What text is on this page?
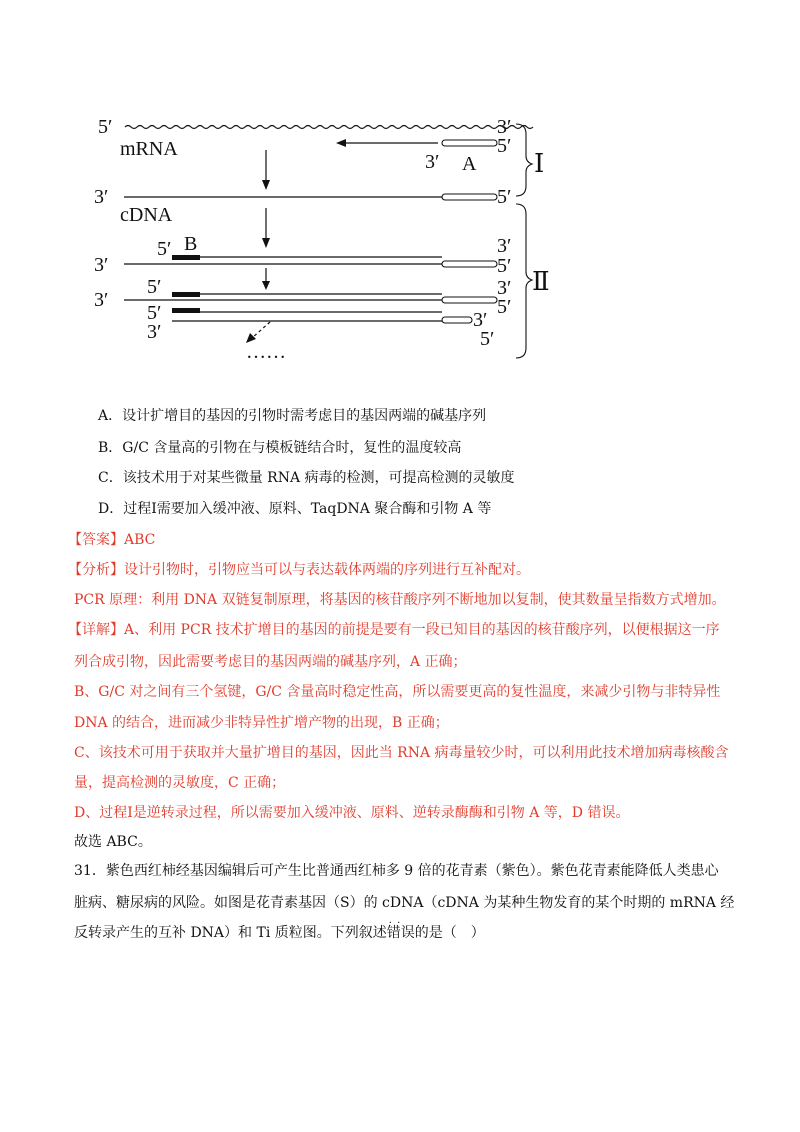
5′	3′
mRNA
3′ A
5′
Ⅰ
3′	5′
cDNA
Ⅱ
5′ B
3′
3′
5′
3′
5′	3′
5′
5′
3′
3′
5′
……
A．设计扩增目的基因的引物时需考虑目的基因两端的碱基序列
B．G/C 含量高的引物在与模板链结合时，复性的温度较高
C．该技术用于对某些微量 RNA 病毒的检测，可提高检测的灵敏度
D．过程Ⅰ需要加入缓冲液、原料、TaqDNA 聚合酶和引物 A 等
【答案】ABC
【分析】设计引物时，引物应当可以与表达载体两端的序列进行互补配对。
PCR 原理：利用 DNA 双链复制原理，将基因的核苷酸序列不断地加以复制，使其数量呈指数方式增加。
【详解】A、利用 PCR 技术扩增目的基因的前提是要有一段已知目的基因的核苷酸序列，以便根据这一序
列合成引物，因此需要考虑目的基因两端的碱基序列，A 正确；
B、G/C 对之间有三个氢键，G/C 含量高时稳定性高，所以需要更高的复性温度，来减少引物与非特异性
DNA 的结合，进而减少非特异性扩增产物的出现，B 正确；
C、该技术可用于获取并大量扩增目的基因，因此当 RNA 病毒量较少时，可以利用此技术增加病毒核酸含
量，提高检测的灵敏度，C 正确；
D、过程Ⅰ是逆转录过程，所以需要加入缓冲液、原料、逆转录酶酶和引物 A 等，D 错误。
故选 ABC。
31．紫色西红柿经基因编辑后可产生比普通西红柿多 9 倍的花青素（紫色）。紫色花青素能降低人类患心
脏病、糖尿病的风险。如图是花青素基因（S）的 cDNA（cDNA 为某种生物发育的某个时期的 mRNA 经
反转录产生的互补 DNA）和 Ti 质粒图。下列叙述· · 错误的是（　）
